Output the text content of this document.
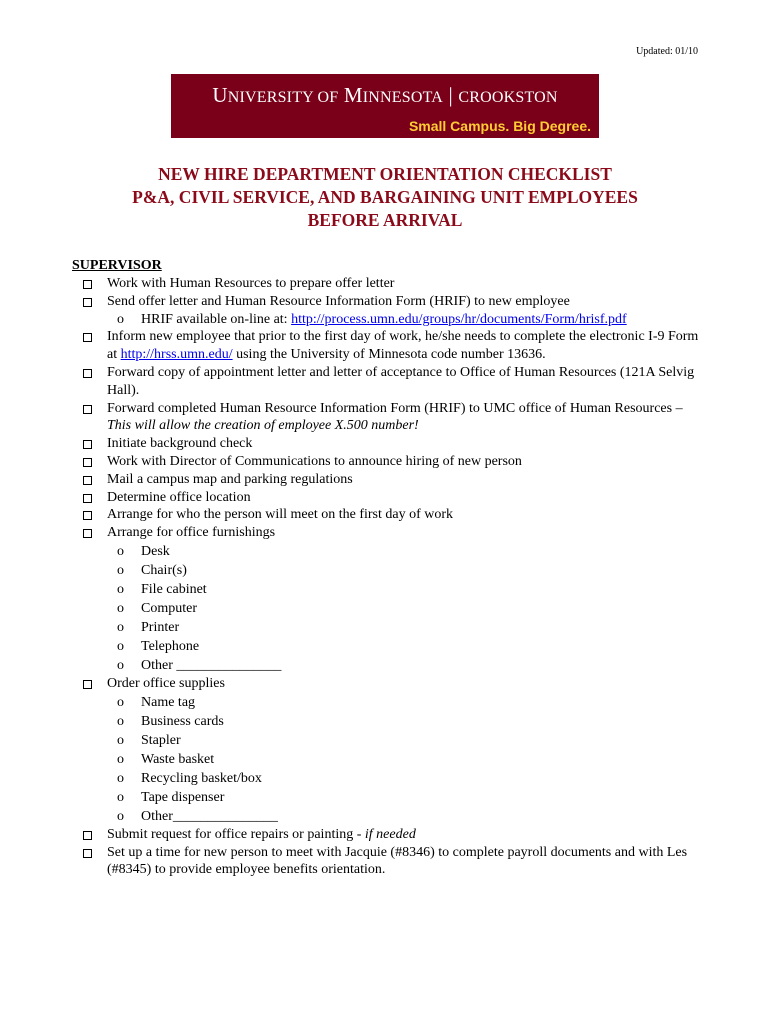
Updated: 01/10
UNIVERSITY OF MINNESOTA | CROOKSTON
Small Campus. Big Degree.
NEW HIRE DEPARTMENT ORIENTATION CHECKLIST
P&A, CIVIL SERVICE, AND BARGAINING UNIT EMPLOYEES
BEFORE ARRIVAL
SUPERVISOR
Work with Human Resources to prepare offer letter
Send offer letter and Human Resource Information Form (HRIF) to new employee
o HRIF available on-line at: http://process.umn.edu/groups/hr/documents/Form/hrisf.pdf
Inform new employee that prior to the first day of work, he/she needs to complete the electronic I-9 Form at http://hrss.umn.edu/ using the University of Minnesota code number 13636.
Forward copy of appointment letter and letter of acceptance to Office of Human Resources (121A Selvig Hall).
Forward completed Human Resource Information Form (HRIF) to UMC office of Human Resources – This will allow the creation of employee X.500 number!
Initiate background check
Work with Director of Communications to announce hiring of new person
Mail a campus map and parking regulations
Determine office location
Arrange for who the person will meet on the first day of work
Arrange for office furnishings
o Desk
o Chair(s)
o File cabinet
o Computer
o Printer
o Telephone
o Other _______________
Order office supplies
o Name tag
o Business cards
o Stapler
o Waste basket
o Recycling basket/box
o Tape dispenser
o Other_______________
Submit request for office repairs or painting - if needed
Set up a time for new person to meet with Jacquie (#8346) to complete payroll documents and with Les (#8345) to provide employee benefits orientation.
